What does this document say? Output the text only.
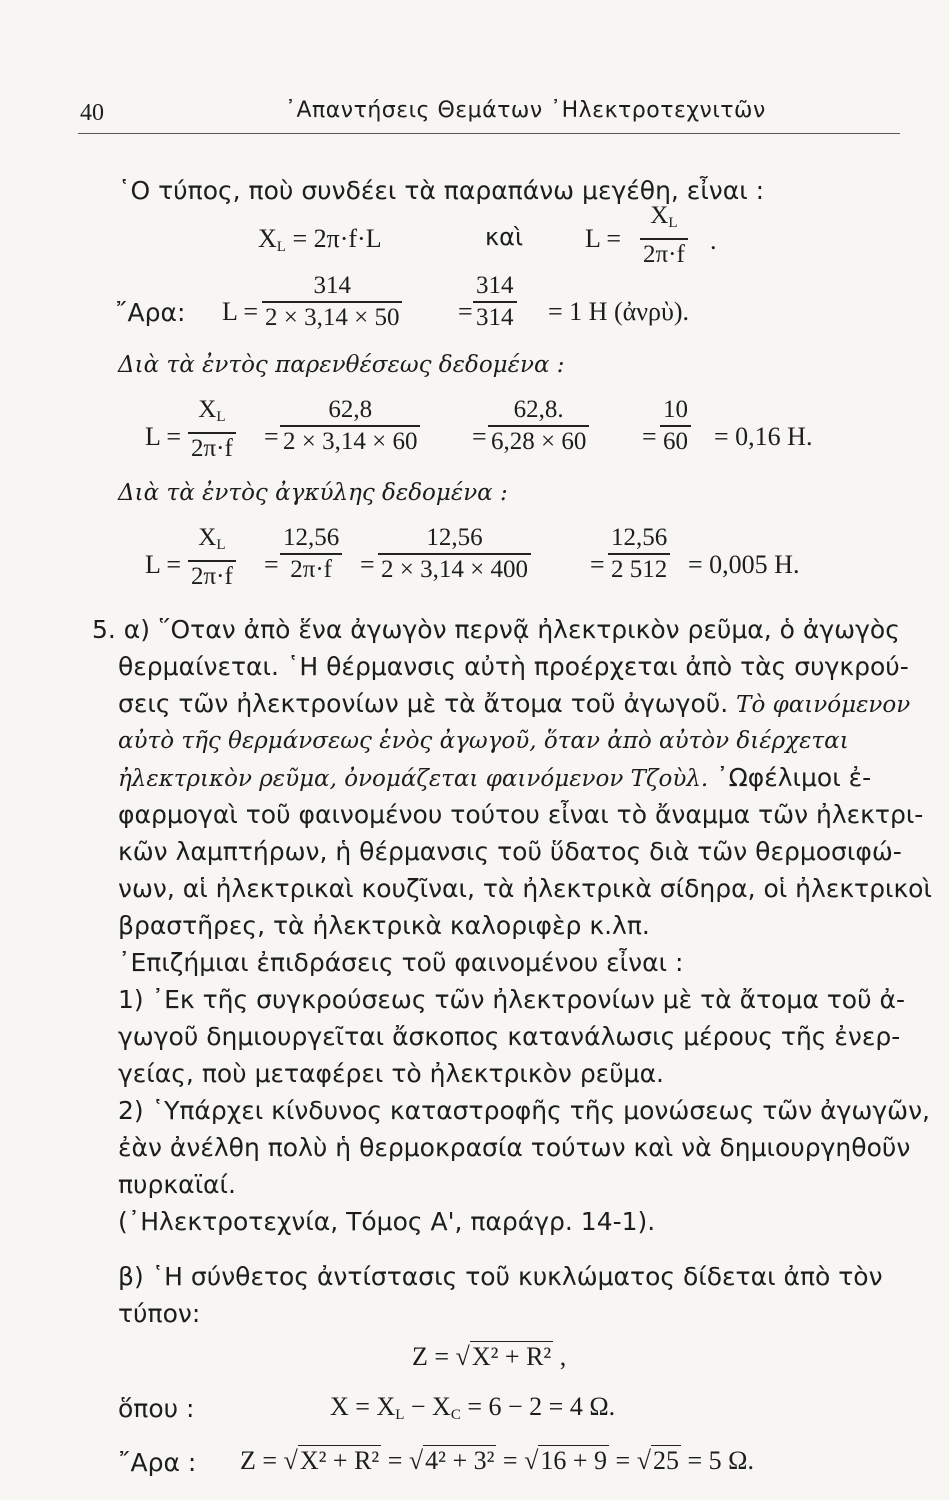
40	᾿Απαντήσεις Θεμάτων ᾿Ηλεκτροτεχνιτῶν
῾Ο τύπος, ποὺ συνδέει τὰ παραπάνω μεγέθη, εἶναι :
$X_L = 2\pi\cdot f\cdot L$	καὶ L =
$X_L$
2π·f .
῎Αρα: L =
314
2 × 3,14 × 50 =
314
314 = 1 H (ἀνρὺ).
Διὰ τὰ ἐντὸς παρενθέσεως δεδομένα :
L =
$X_L$
2π·f =
62,8
2 × 3,14 × 60 =
62,8.
6,28 × 60 =
10
60 = 0,16 H.
Διὰ τὰ ἐντὸς ἀγκύλης δεδομένα :
L =
$X_L$
2π·f =
12,56
2π·f =
12,56
2 × 3,14 × 400 =
12,56
2 512 = 0,005 H.
5. α) ῞Οταν ἀπὸ ἕνα ἀγωγὸν περνᾷ ἠλεκτρικὸν ρεῦμα, ὁ ἀγωγὸς
θερμαίνεται. ῾Η θέρμανσις αὐτὴ προέρχεται ἀπὸ τὰς συγκρού-
σεις τῶν ἠλεκτρονίων μὲ τὰ ἄτομα τοῦ ἀγωγοῦ. Τὸ φαινόμενον
αὐτὸ τῆς θερμάνσεως ἑνὸς ἀγωγοῦ, ὅταν ἀπὸ αὐτὸν διέρχεται
ἠλεκτρικὸν ρεῦμα, ὀνομάζεται φαινόμενον Τζοὺλ. ᾿Ωφέλιμοι ἐ-
φαρμογαὶ τοῦ φαινομένου τούτου εἶναι τὸ ἄναμμα τῶν ἠλεκτρι-
κῶν λαμπτήρων, ἡ θέρμανσις τοῦ ὕδατος διὰ τῶν θερμοσιφώ-
νων, αἱ ἠλεκτρικαὶ κουζῖναι, τὰ ἠλεκτρικὰ σίδηρα, οἱ ἠλεκτρικοὶ
βραστῆρες, τὰ ἠλεκτρικὰ καλοριφὲρ κ.λπ.
᾿Επιζήμιαι ἐπιδράσεις τοῦ φαινομένου εἶναι :
1) ᾿Εκ τῆς συγκρούσεως τῶν ἠλεκτρονίων μὲ τὰ ἄτομα τοῦ ἀ-
γωγοῦ δημιουργεῖται ἄσκοπος κατανάλωσις μέρους τῆς ἐνερ-
γείας, ποὺ μεταφέρει τὸ ἠλεκτρικὸν ρεῦμα.
2) ῾Υπάρχει κίνδυνος καταστροφῆς τῆς μονώσεως τῶν ἀγωγῶν,
ἐὰν ἀνέλθη πολὺ ἡ θερμοκρασία τούτων καὶ νὰ δημιουργηθοῦν
πυρκαϊαί.
(᾿Ηλεκτροτεχνία, Τόμος Α', παράγρ. 14-1).
β) ῾Η σύνθετος ἀντίστασις τοῦ κυκλώματος δίδεται ἀπὸ τὸν
τύπον:
Z = √X² + R² ,
ὅπου :	$X = X_L - X_C = 6 - 2 = 4$ Ω.
῎Αρα : Z = √X² + R² = √4² + 3² = √16 + 9 = √25 = 5 Ω.
